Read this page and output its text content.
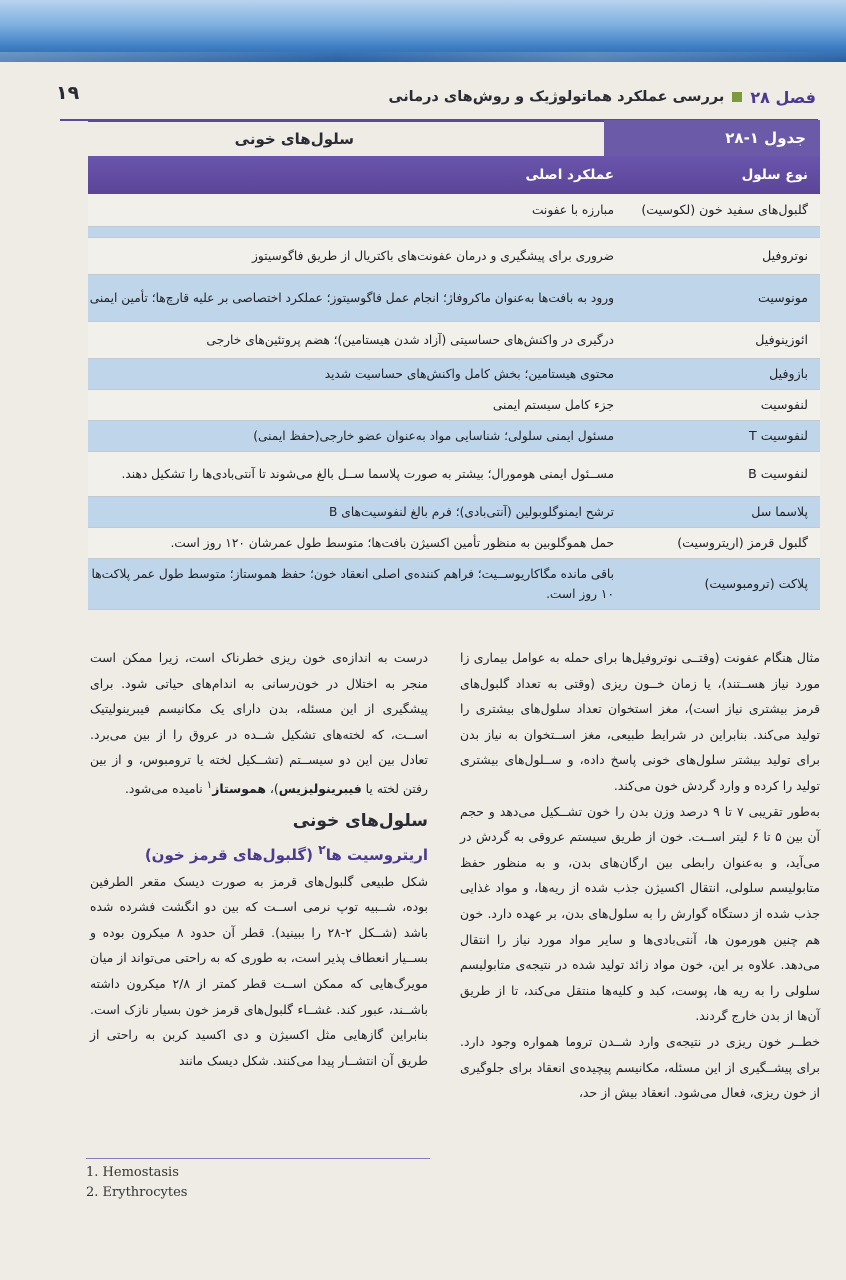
فصل ۲۸
بررسی عملکرد هماتولوژیک و روش‌های درمانی
۱۹
جدول ۱-۲۸
سلول‌های خونی
نوع سلول
عملکرد اصلی
گلبول‌های سفید خون (لکوسیت)
مبارزه با عفونت
نوتروفیل
ضروری برای پیشگیری و درمان عفونت‌های باکتریال از طریق فاگوسیتوز
مونوسیت
ورود به بافت‌ها به‌عنوان ماکروفاژ؛ انجام عمل فاگوسیتوز؛ عملکرد اختصاصی بر علیه قارچ‌ها؛ تأمین ایمنی
ائوزینوفیل
درگیری در واکنش‌های حساسیتی (آزاد شدن هیستامین)؛ هضم پروتئین‌های خارجی
بازوفیل
محتوی هیستامین؛ بخش کامل واکنش‌های حساسیت شدید
لنفوسیت
جزء کامل سیستم ایمنی
لنفوسیت T
مسئول ایمنی سلولی؛ شناسایی مواد به‌عنوان عضو خارجی(حفظ ایمنی)
لنفوسیت B
مســئول ایمنی هومورال؛ بیشتر به صورت پلاسما ســل بالغ می‌شوند تا آنتی‌بادی‌ها را تشکیل دهند.
پلاسما سل
ترشح ایمنوگلوبولین (آنتی‌بادی)؛ فرم بالغ لنفوسیت‌های B
گلبول قرمز (اریتروسیت)
حمل هموگلوبین به منظور تأمین اکسیژن بافت‌ها؛ متوسط طول عمرشان ۱۲۰ روز است.
پلاکت (ترومبوسیت)
باقی مانده مگاکاریوســیت؛ فراهم کننده‌ی اصلی انعقاد خون؛ حفظ هموستاز؛ متوسط طول عمر پلاکت‌ها ۱۰ روز است.

مثال هنگام عفونت (وقتــی نوتروفیل‌ها برای حمله به عوامل بیماری زا مورد نیاز هســتند)، یا زمان خــون ریزی (وقتی به تعداد گلبول‌های قرمز بیشتری نیاز است)، مغز استخوان تعداد سلول‌های بیشتری را تولید می‌کند. بنابراین در شرایط طبیعی، مغز اســتخوان به نیاز بدن برای تولید بیشتر سلول‌های خونی پاسخ داده، و ســلول‌های بیشتری تولید را کرده و وارد گردش خون می‌کند.

به‌طور تقریبی ۷ تا ۹ درصد وزن بدن را خون تشــکیل می‌دهد و حجم آن بین ۵ تا ۶ لیتر اســت. خون از طریق سیستم عروقی به گردش در می‌آید، و به‌عنوان رابطی بین ارگان‌های بدن، و به منظور حفظ متابولیسم سلولی، انتقال اکسیژن جذب شده از ریه‌ها، و مواد غذایی جذب شده از دستگاه گوارش را به سلول‌های بدن، بر عهده دارد. خون هم چنین هورمون ها، آنتی‌بادی‌ها و سایر مواد مورد نیاز را انتقال می‌دهد. علاوه بر این، خون مواد زائد تولید شده در نتیجه‌ی متابولیسم سلولی را به ریه ها، پوست، کبد و کلیه‌ها منتقل می‌کند، تا از طریق آن‌ها از بدن خارج گردند.

خطــر خون ریزی در نتیجه‌ی وارد شــدن تروما همواره وجود دارد. برای پیشــگیری از این مسئله، مکانیسم پیچیده‌ی انعقاد برای جلوگیری از خون ریزی، فعال می‌شود. انعقاد بیش از حد،

درست به اندازه‌ی خون ریزی خطرناک است، زیرا ممکن است منجر به اختلال در خون‌رسانی به اندام‌های حیاتی شود. برای پیشگیری از این مسئله، بدن دارای یک مکانیسم فیبرینولیتیک اســت، که لخته‌های تشکیل شــده در عروق را از بین می‌برد. تعادل بین این دو سیســتم (تشــکیل لخته یا ترومبوس، و از بین رفتن لخته یا فیبرینولیزیس)، هموستاز$^۱$ نامیده می‌شود.

سلول‌های خونی
اریتروسیت ها$^۲$ (گلبول‌های قرمز خون)

شکل طبیعی گلبول‌های قرمز به صورت دیسک مقعر الطرفین بوده، شــبیه توپ نرمی اســت که بین دو انگشت فشرده شده باشد (شــکل ۲-۲۸ را ببینید). قطر آن حدود ۸ میکرون بوده و بســیار انعطاف پذیر است، به طوری که به راحتی می‌تواند از میان مویرگ‌هایی که ممکن اســت قطر کمتر از ۲/۸ میکرون داشته باشــند، عبور کند. غشــاء گلبول‌های قرمز خون بسیار نازک است. بنابراین گازهایی مثل اکسیژن و دی اکسید کربن به راحتی از طریق آن انتشــار پیدا می‌کنند. شکل دیسک مانند

1. Hemostasis
2. Erythrocytes
